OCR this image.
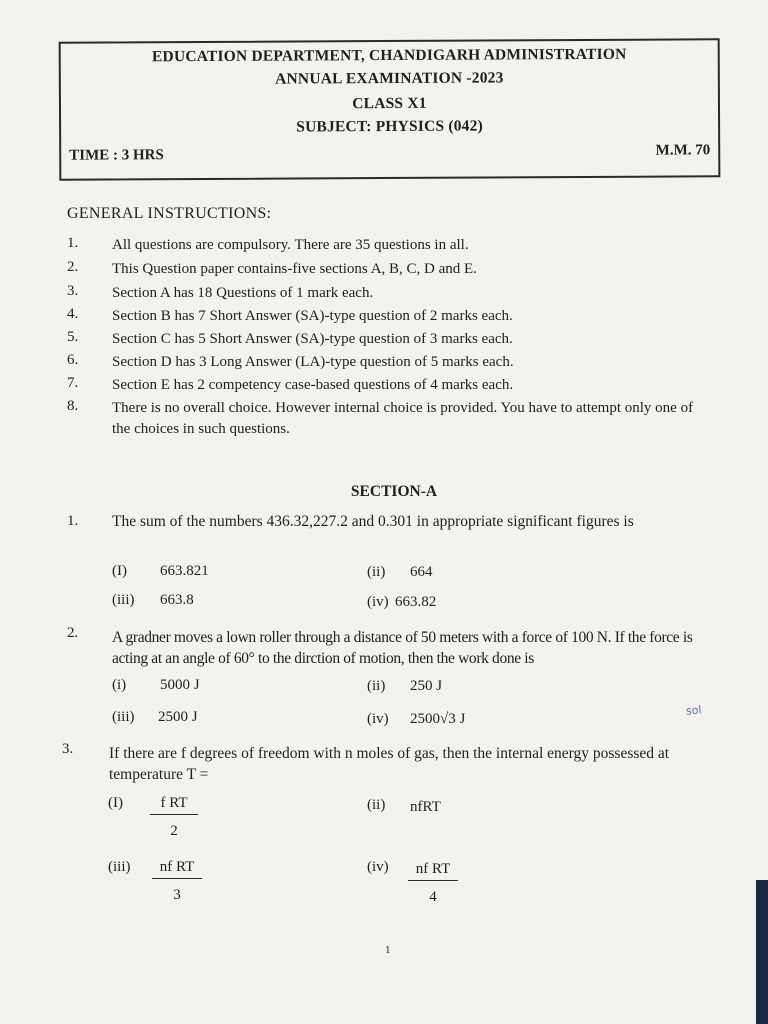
EDUCATION DEPARTMENT, CHANDIGARH ADMINISTRATION
ANNUAL EXAMINATION -2023
CLASS X1
SUBJECT: PHYSICS (042)
TIME : 3 HRS	M.M. 70
GENERAL INSTRUCTIONS:
1. All questions are compulsory. There are 35 questions in all.
2. This Question paper contains-five sections A, B, C, D and E.
3. Section A has 18 Questions of 1 mark each.
4. Section B has 7 Short Answer (SA)-type question of 2 marks each.
5. Section C has 5 Short Answer (SA)-type question of 3 marks each.
6. Section D has 3 Long Answer (LA)-type question of 5 marks each.
7. Section E has 2 competency case-based questions of 4 marks each.
8. There is no overall choice. However internal choice is provided. You have to attempt only one of the choices in such questions.
SECTION-A
1. The sum of the numbers 436.32,227.2 and 0.301 in appropriate significant figures is
(I) 663.821	(ii) 664
(iii) 663.8	(iv) 663.82
2. A gradner moves a lown roller through a distance of 50 meters with a force of 100 N. If the force is acting at an angle of 60° to the dirction of motion, then the work done is
(i) 5000 J	(ii) 250 J
(iii) 2500 J	(iv) 2500√3 J
3. If there are f degrees of freedom with n moles of gas, then the internal energy possessed at temperature T =
$(I) \frac{\text{f RT}}{2}$	(ii) nfRT
$(iii) \frac{\text{nf RT}}{3}$	$(iv) \frac{\text{nf RT}}{4}$
sol
1
